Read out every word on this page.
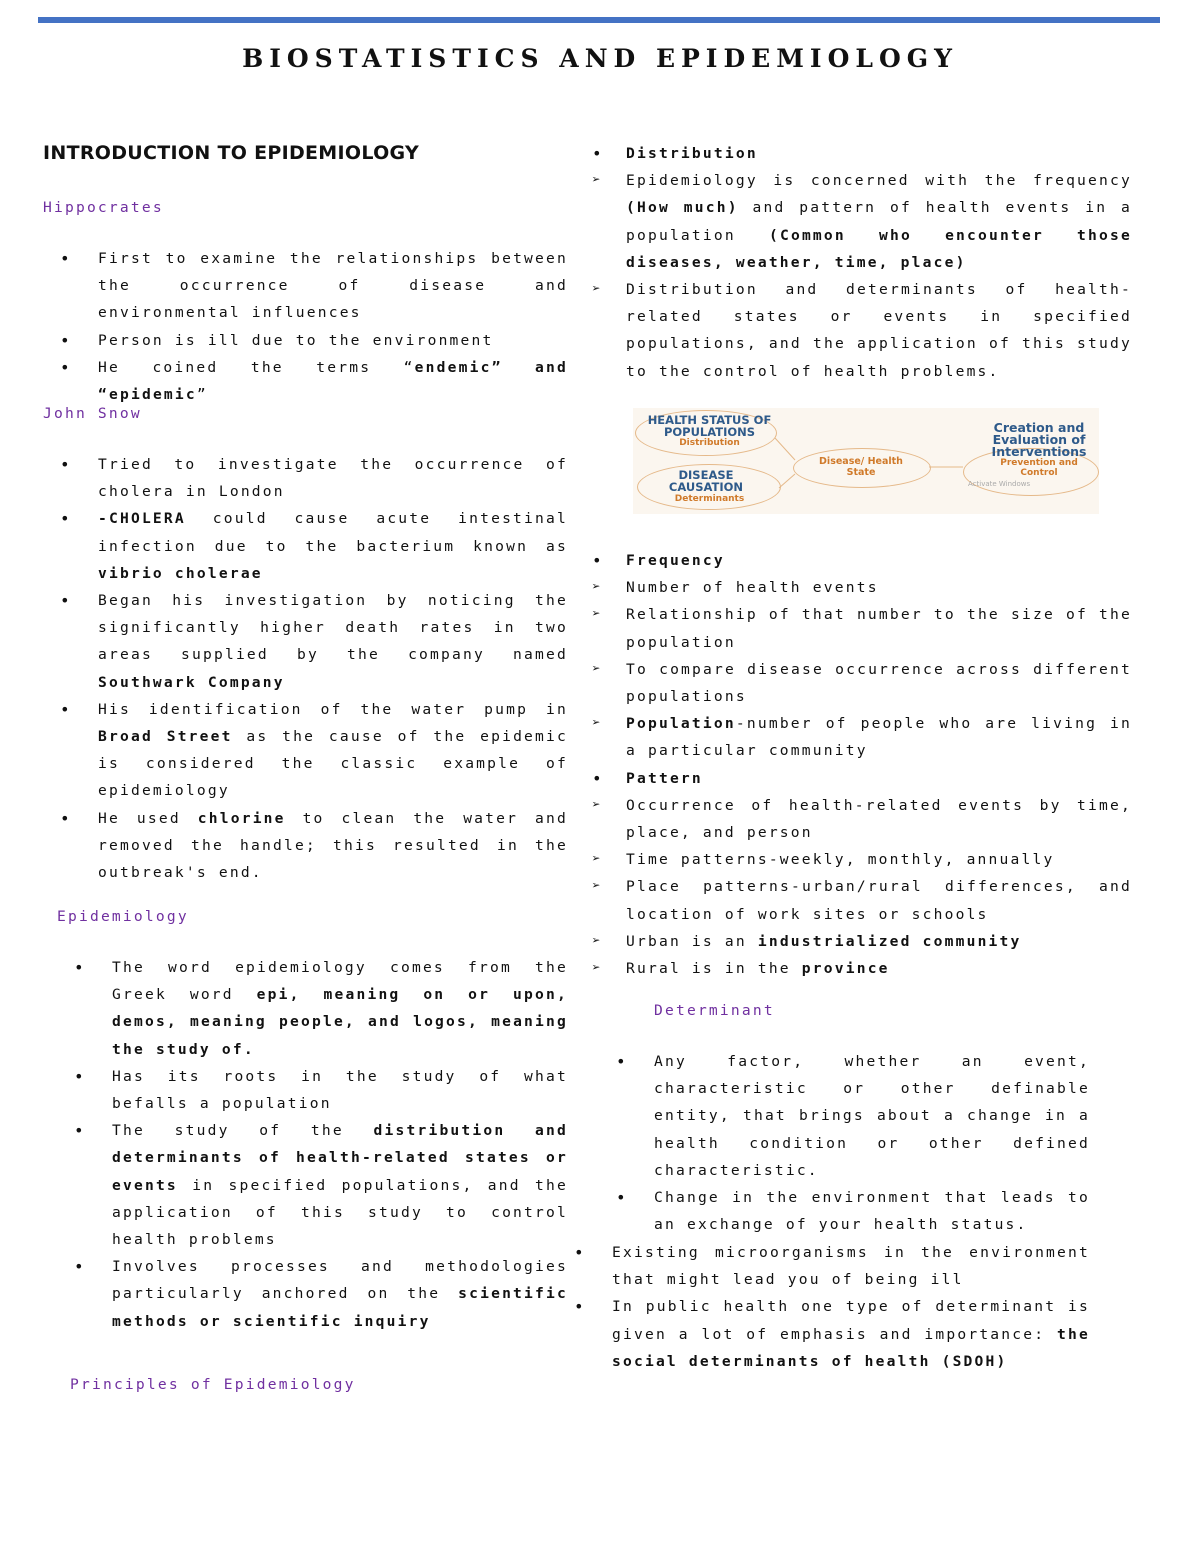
BIOSTATISTICS AND EPIDEMIOLOGY
INTRODUCTION TO EPIDEMIOLOGY
Hippocrates
• First to examine the relationships between the occurrence of disease and environmental influences
• Person is ill due to the environment
• He coined the terms “endemic” and “epidemic”
John Snow
• Tried to investigate the occurrence of cholera in London
• -CHOLERA could cause acute intestinal infection due to the bacterium known as vibrio cholerae
• Began his investigation by noticing the significantly higher death rates in two areas supplied by the company named Southwark Company
• His identification of the water pump in Broad Street as the cause of the epidemic is considered the classic example of epidemiology
• He used chlorine to clean the water and removed the handle; this resulted in the outbreak's end.
Epidemiology
• The word epidemiology comes from the Greek word epi, meaning on or upon, demos, meaning people, and logos, meaning the study of.
• Has its roots in the study of what befalls a population
• The study of the distribution and determinants of health-related states or events in specified populations, and the application of this study to control health problems
• Involves processes and methodologies particularly anchored on the scientific methods or scientific inquiry
Principles of Epidemiology
• Distribution
➢ Epidemiology is concerned with the frequency (How much) and pattern of health events in a population (Common who encounter those diseases, weather, time, place)
➢ Distribution and determinants of health-related states or events in specified populations, and the application of this study to the control of health problems.
HEALTH STATUS OF POPULATIONS
Distribution
DISEASE CAUSATION
Determinants
Disease/ Health State
Creation and Evaluation of Interventions
Prevention and Control
Activate Windows
• Frequency
➢ Number of health events
➢ Relationship of that number to the size of the population
➢ To compare disease occurrence across different populations
➢ Population-number of people who are living in a particular community
• Pattern
➢ Occurrence of health-related events by time, place, and person
➢ Time patterns-weekly, monthly, annually
➢ Place patterns-urban/rural differences, and location of work sites or schools
➢ Urban is an industrialized community
➢ Rural is in the province
Determinant
• Any factor, whether an event, characteristic or other definable entity, that brings about a change in a health condition or other defined characteristic.
• Change in the environment that leads to an exchange of your health status.
• Existing microorganisms in the environment that might lead you of being ill
• In public health one type of determinant is given a lot of emphasis and importance: the social determinants of health (SDOH)
